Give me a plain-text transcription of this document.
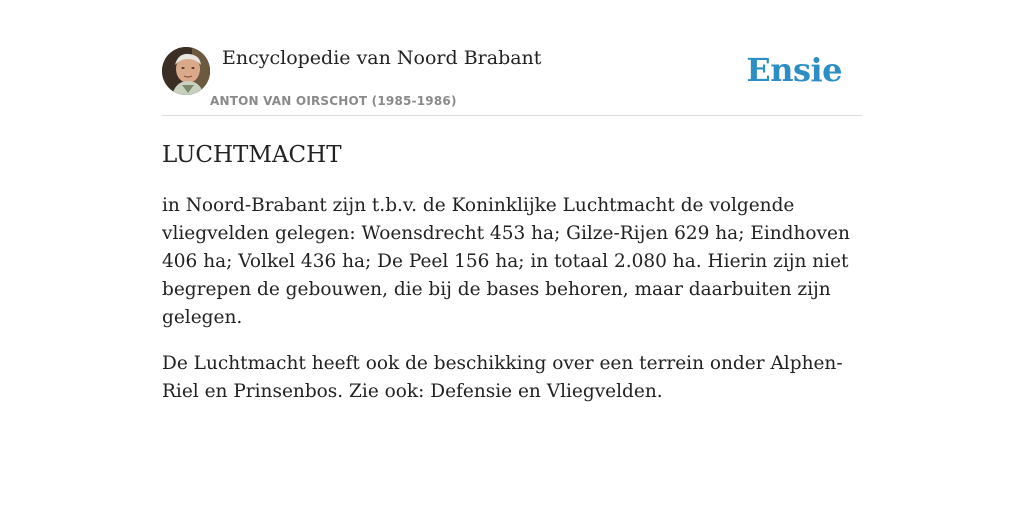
Encyclopedie van Noord Brabant
ANTON VAN OIRSCHOT (1985-1986)
Ensie
LUCHTMACHT

in Noord-Brabant zijn t.b.v. de Koninklijke Luchtmacht de volgende vliegvelden gelegen: Woensdrecht 453 ha; Gilze-Rijen 629 ha; Eindhoven 406 ha; Volkel 436 ha; De Peel 156 ha; in totaal 2.080 ha. Hierin zijn niet begrepen de gebouwen, die bij de bases behoren, maar daarbuiten zijn gelegen.

De Luchtmacht heeft ook de beschikking over een terrein onder Alphen-Riel en Prinsenbos. Zie ook: Defensie en Vliegvelden.
